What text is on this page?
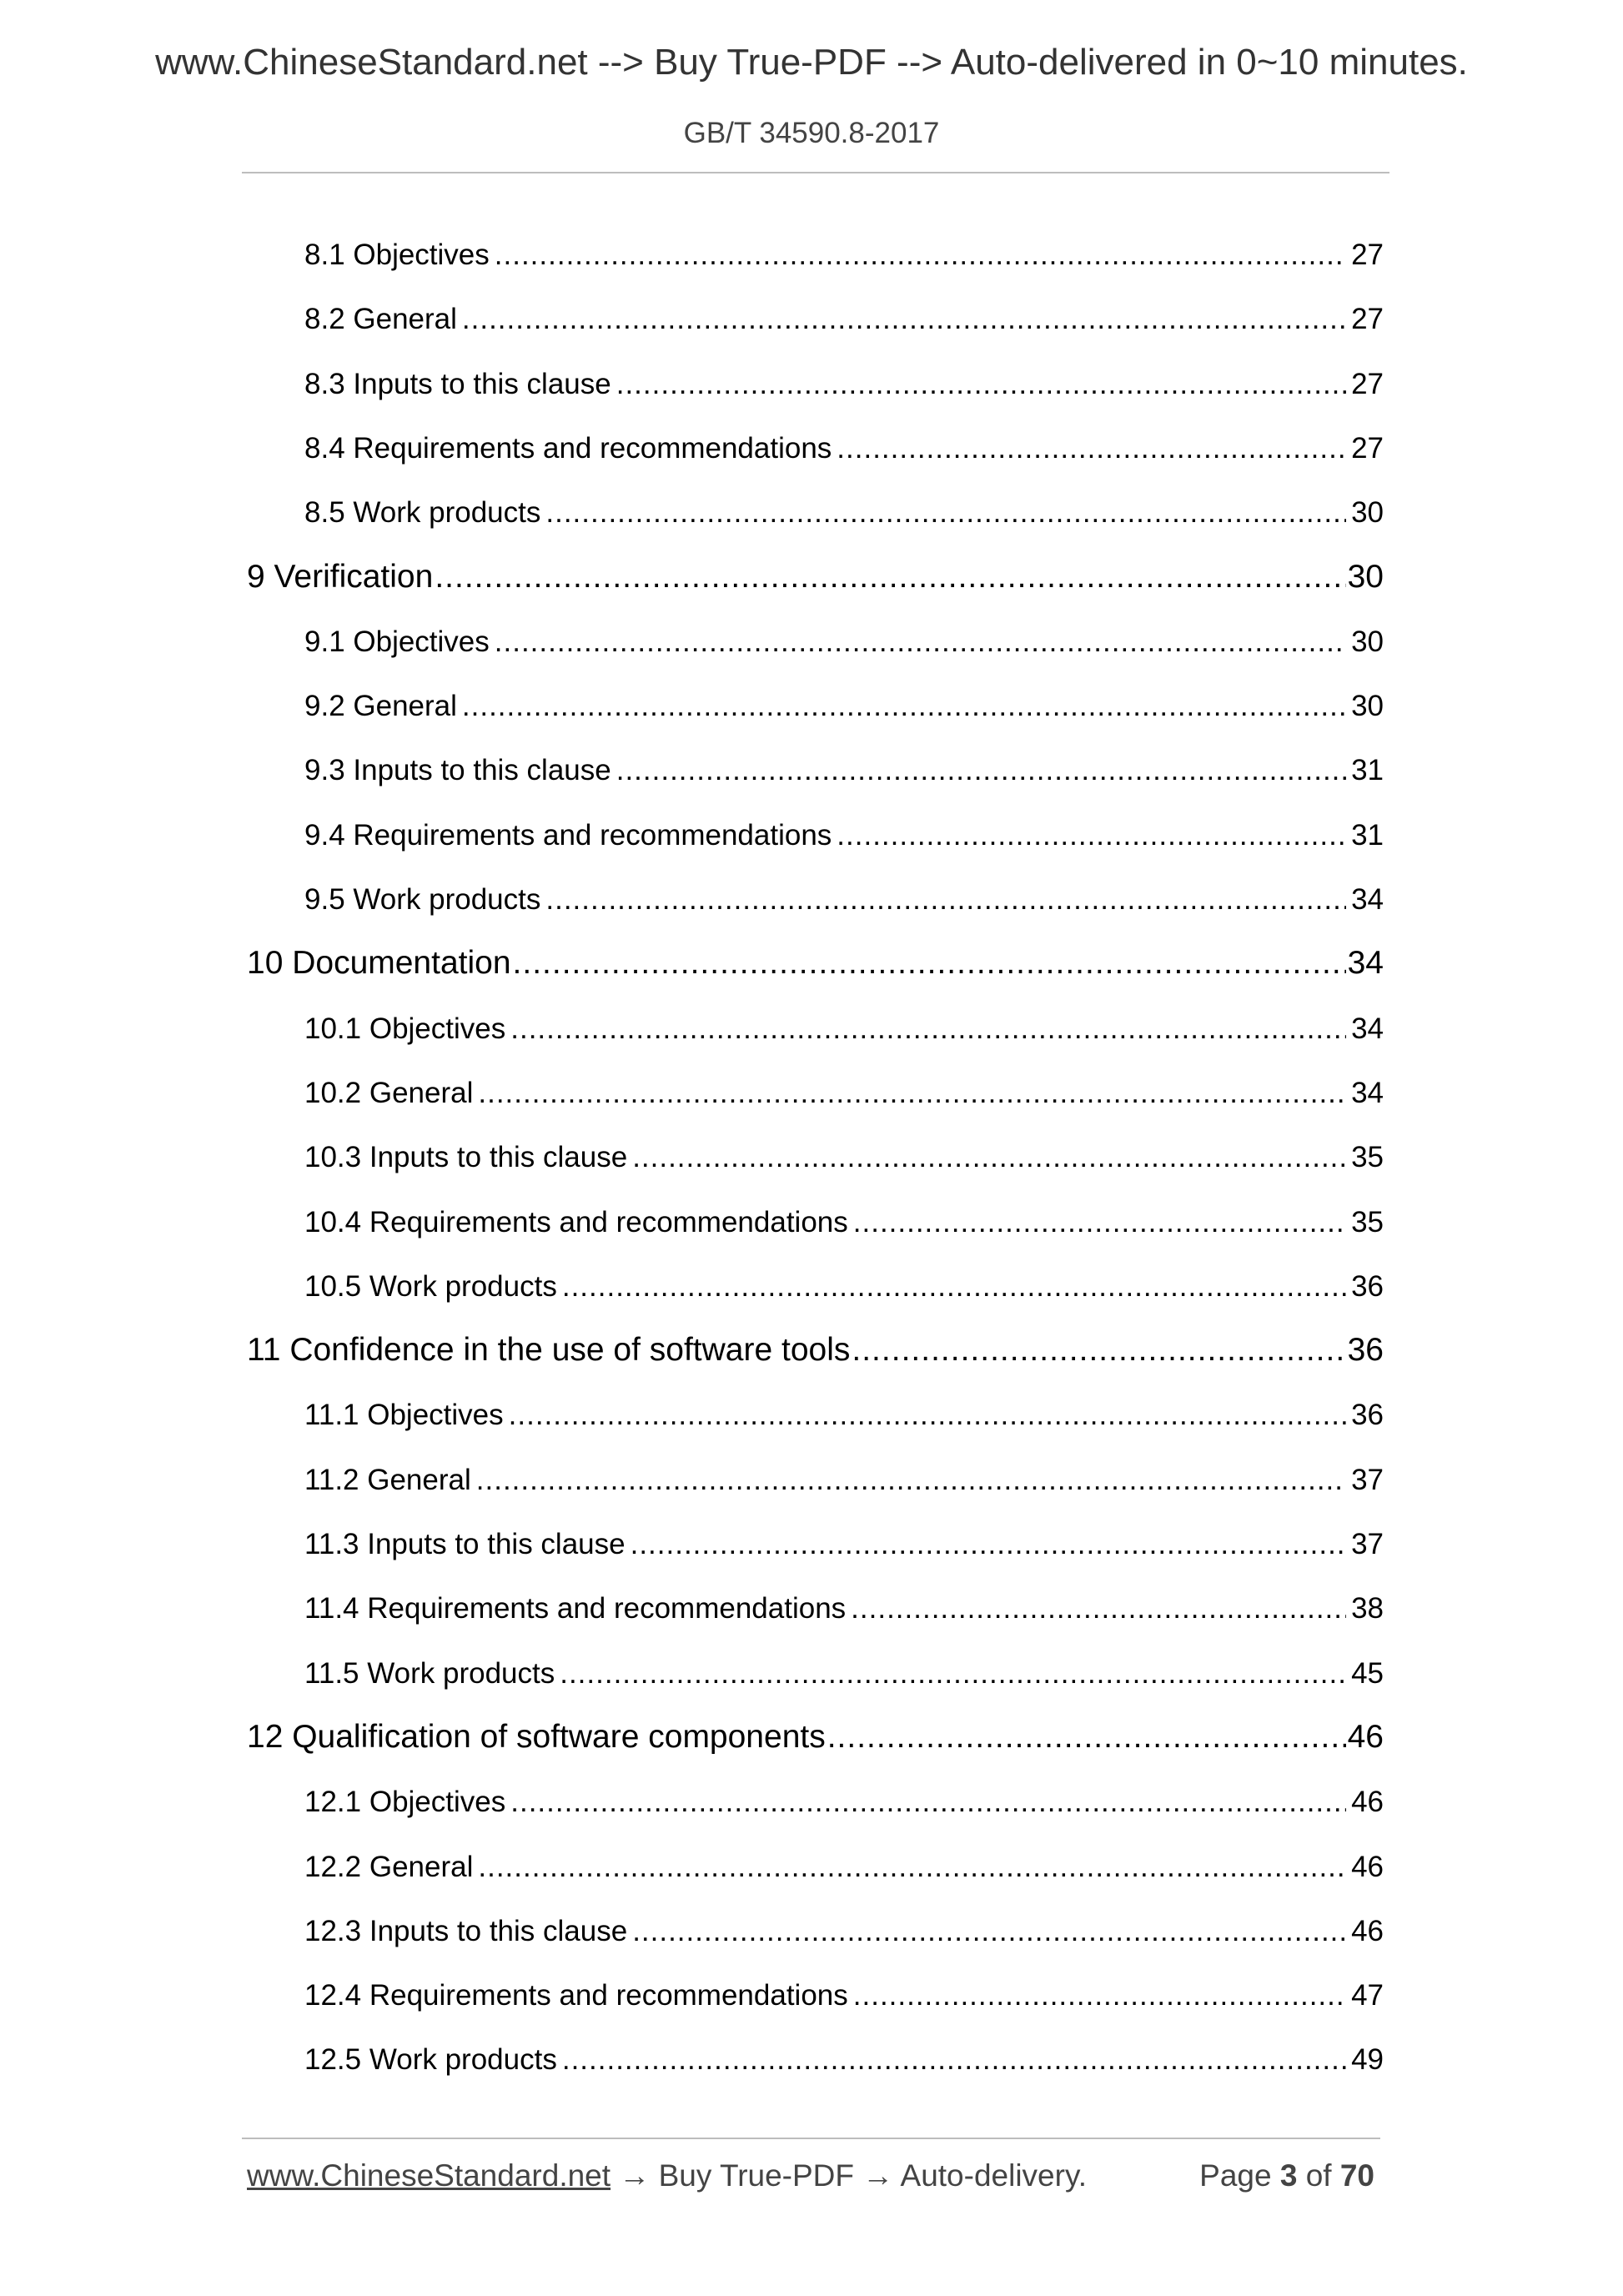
www.ChineseStandard.net --> Buy True-PDF --> Auto-delivered in 0~10 minutes.
GB/T 34590.8-2017
8.1 Objectives .....	27
8.2 General .....	27
8.3 Inputs to this clause .....	27
8.4 Requirements and recommendations .....	27
8.5 Work products .....	30
9 Verification .....	30
9.1 Objectives .....	30
9.2 General .....	30
9.3 Inputs to this clause .....	31
9.4 Requirements and recommendations .....	31
9.5 Work products .....	34
10 Documentation .....	34
10.1 Objectives .....	34
10.2 General .....	34
10.3 Inputs to this clause .....	35
10.4 Requirements and recommendations .....	35
10.5 Work products .....	36
11 Confidence in the use of software tools .....	36
11.1 Objectives .....	36
11.2 General .....	37
11.3 Inputs to this clause .....	37
11.4 Requirements and recommendations .....	38
11.5 Work products .....	45
12 Qualification of software components .....	46
12.1 Objectives .....	46
12.2 General .....	46
12.3 Inputs to this clause .....	46
12.4 Requirements and recommendations .....	47
12.5 Work products .....	49
www.ChineseStandard.net → Buy True-PDF → Auto-delivery.	Page 3 of 70
